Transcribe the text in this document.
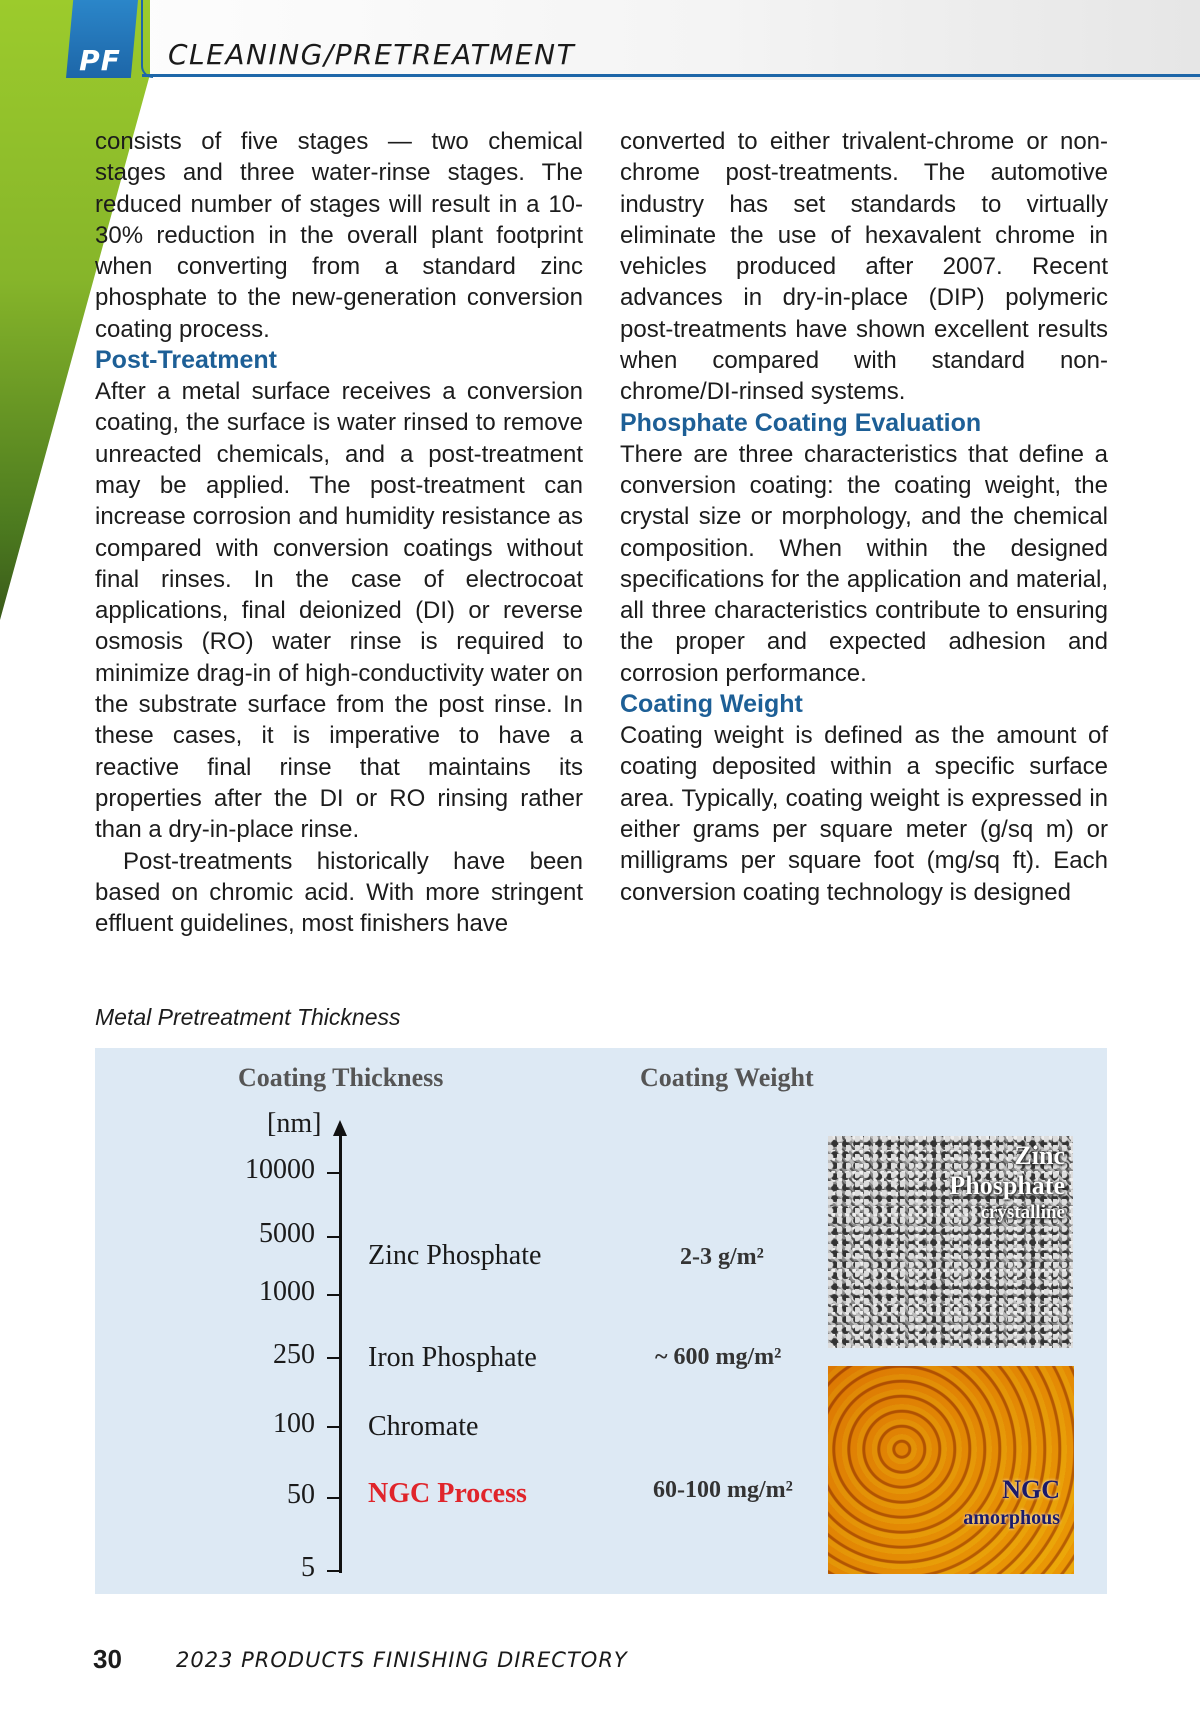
PF	CLEANING/PRETREATMENT

consists of five stages — two chemical stages and three water-rinse stages. The reduced number of stages will result in a 10-30% reduction in the overall plant footprint when converting from a standard zinc phosphate to the new-generation conversion coating process.

Post-Treatment

After a metal surface receives a conversion coating, the surface is water rinsed to remove unreacted chemicals, and a post-treatment may be applied. The post-treatment can increase corrosion and humidity resistance as compared with conversion coatings without final rinses. In the case of electrocoat applications, final deionized (DI) or reverse osmosis (RO) water rinse is required to minimize drag-in of high-conductivity water on the substrate surface from the post rinse. In these cases, it is imperative to have a reactive final rinse that maintains its properties after the DI or RO rinsing rather than a dry-in-place rinse.

Post-treatments historically have been based on chromic acid. With more stringent effluent guidelines, most finishers have

converted to either trivalent-chrome or non-chrome post-treatments. The automotive industry has set standards to virtually eliminate the use of hexavalent chrome in vehicles produced after 2007. Recent advances in dry-in-place (DIP) polymeric post-treatments have shown excellent results when compared with standard non-chrome/DI-rinsed systems.

Phosphate Coating Evaluation

There are three characteristics that define a conversion coating: the coating weight, the crystal size or morphology, and the chemical composition. When within the designed specifications for the application and material, all three characteristics contribute to ensuring the proper and expected adhesion and corrosion performance.

Coating Weight

Coating weight is defined as the amount of coating deposited within a specific surface area. Typically, coating weight is expressed in either grams per square meter (g/sq m) or milligrams per square foot (mg/sq ft). Each conversion coating technology is designed

Metal Pretreatment Thickness
Coating Thickness	Coating Weight
[nm]
10000
5000
1000
250
100
50
5
Zinc Phosphate
Iron Phosphate
Chromate
NGC Process
2-3 g/m²
~ 600 mg/m²
60-100 mg/m²
Zinc
Phosphate
crystalline
NGC
amorphous
30	2023 PRODUCTS FINISHING DIRECTORY
